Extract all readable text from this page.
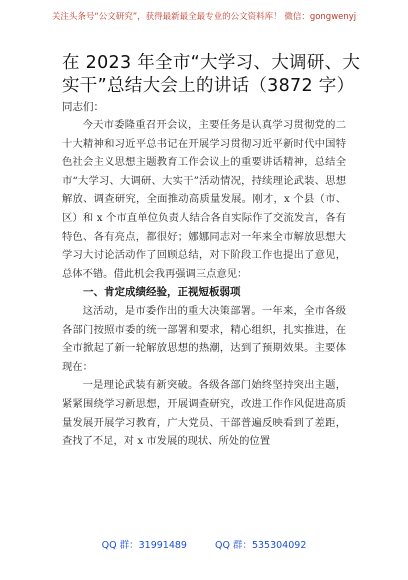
关注头条号“公文研究”，获得最新最全最专业的公文资料库！ 微信：gongwenyj
在 2023 年全市“大学习、大调研、大实干”总结大会上的讲话（3872 字）
同志们：

今天市委隆重召开会议，主要任务是认真学习贯彻党的二十大精神和习近平总书记在开展学习贯彻习近平新时代中国特色社会主义思想主题教育工作会议上的重要讲话精神，总结全市“大学习、大调研、大实干”活动情况，持续理论武装、思想解放、调查研究，全面推动高质量发展。刚才，x 个县（市、区）和 x 个市直单位负责人结合各自实际作了交流发言，各有特色、各有亮点，都很好；娜娜同志对一年来全市解放思想大学习大讨论活动作了回顾总结，对下阶段工作也提出了意见，总体不错。借此机会我再强调三点意见：

一、肯定成绩经验，正视短板弱项

这活动，是市委作出的重大决策部署。一年来，全市各级各部门按照市委的统一部署和要求，精心组织，扎实推进，在全市掀起了新一轮解放思想的热潮，达到了预期效果。主要体现在：

一是理论武装有新突破。各级各部门始终坚持突出主题，紧紧围绕学习新思想，开展调查研究，改进工作作风促进高质量发展开展学习教育，广大党员、干部普遍反映看到了差距，查找了不足，对 x 市发展的现状、所处的位置

QQ 群：31991489	QQ 群：535304092
